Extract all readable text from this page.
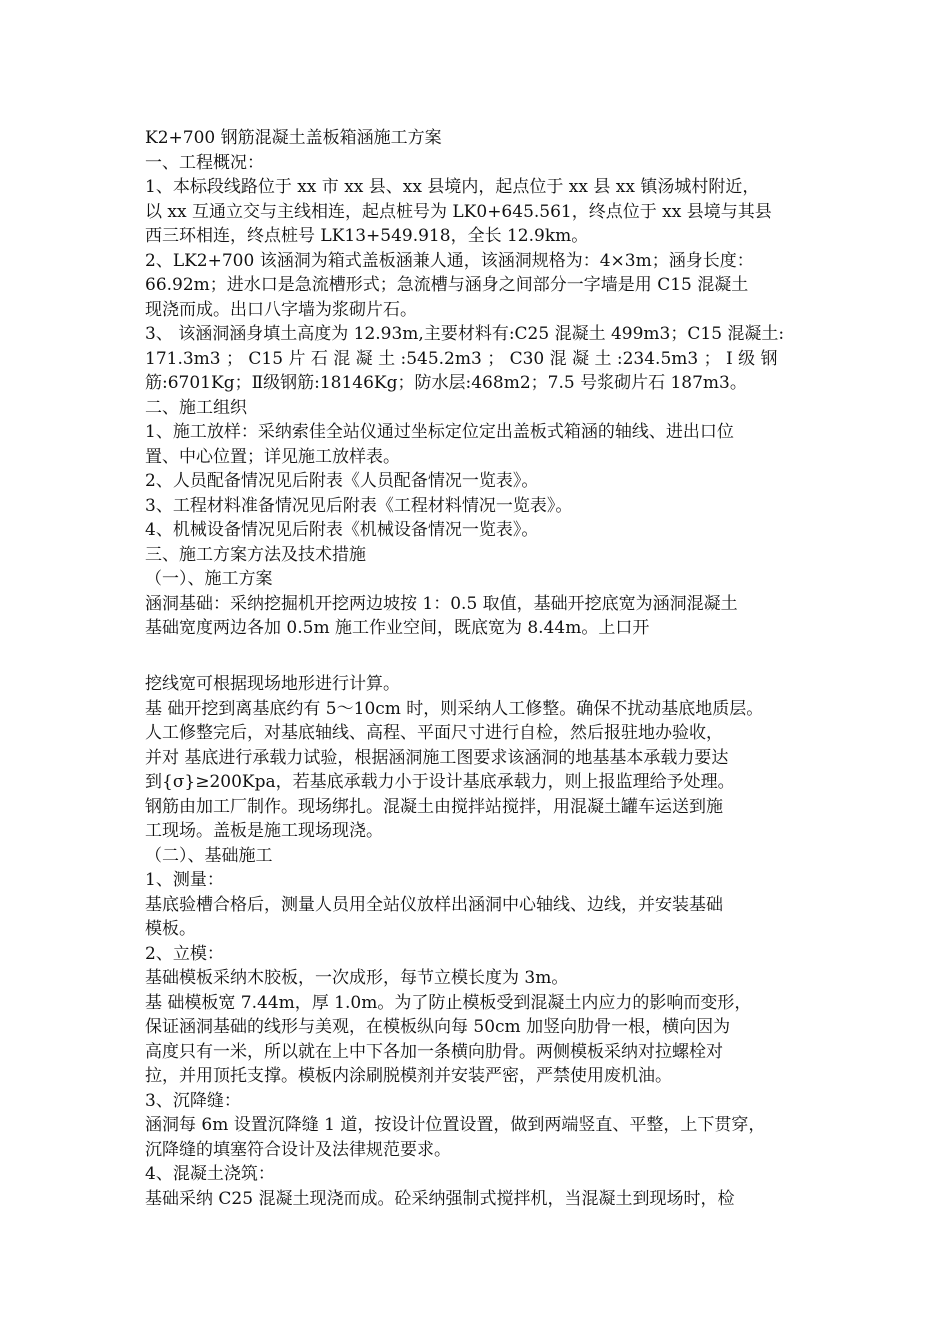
K2+700 钢筋混凝土盖板箱涵施工方案
一、工程概况：
1、本标段线路位于 xx 市 xx 县、xx 县境内，起点位于 xx 县 xx 镇汤城村附近，
以 xx 互通立交与主线相连，起点桩号为 LK0+645.561，终点位于 xx 县境与其县
西三环相连，终点桩号 LK13+549.918，全长 12.9km。
2、LK2+700 该涵洞为箱式盖板涵兼人通，该涵洞规格为：4×3m；涵身长度：
66.92m；进水口是急流槽形式；急流槽与涵身之间部分一字墙是用 C15 混凝土
现浇而成。出口八字墙为浆砌片石。
3、 该涵洞涵身填土高度为 12.93m,主要材料有:C25 混凝土 499m3；C15 混凝土:
171.3m3 ； C15 片 石 混 凝 土 :545.2m3 ； C30 混 凝 土 :234.5m3 ； Ⅰ 级 钢
筋:6701Kg；Ⅱ级钢筋:18146Kg；防水层:468m2；7.5 号浆砌片石 187m3。
二、施工组织
1、施工放样：采纳索佳全站仪通过坐标定位定出盖板式箱涵的轴线、进出口位
置、中心位置；详见施工放样表。
2、人员配备情况见后附表《人员配备情况一览表》。
3、工程材料准备情况见后附表《工程材料情况一览表》。
4、机械设备情况见后附表《机械设备情况一览表》。
三、施工方案方法及技术措施
（一）、施工方案
涵洞基础：采纳挖掘机开挖两边坡按 1：0.5 取值，基础开挖底宽为涵洞混凝土
基础宽度两边各加 0.5m 施工作业空间，既底宽为 8.44m。上口开
挖线宽可根据现场地形进行计算。
基 础开挖到离基底约有 5～10cm 时，则采纳人工修整。确保不扰动基底地质层。
人工修整完后，对基底轴线、高程、平面尺寸进行自检，然后报驻地办验收，
并对 基底进行承载力试验，根据涵洞施工图要求该涵洞的地基基本承载力要达
到{σ}≥200Kpa，若基底承载力小于设计基底承载力，则上报监理给予处理。
钢筋由加工厂制作。现场绑扎。混凝土由搅拌站搅拌，用混凝土罐车运送到施
工现场。盖板是施工现场现浇。
（二）、基础施工
1、测量：
基底验槽合格后，测量人员用全站仪放样出涵洞中心轴线、边线，并安装基础
模板。
2、立模：
基础模板采纳木胶板，一次成形，每节立模长度为 3m。
基 础模板宽 7.44m，厚 1.0m。为了防止模板受到混凝土内应力的影响而变形，
保证涵洞基础的线形与美观，在模板纵向每 50cm 加竖向肋骨一根，横向因为
高度只有一米，所以就在上中下各加一条横向肋骨。两侧模板采纳对拉螺栓对
拉，并用顶托支撑。模板内涂刷脱模剂并安装严密，严禁使用废机油。
3、沉降缝：
涵洞每 6m 设置沉降缝 1 道，按设计位置设置，做到两端竖直、平整，上下贯穿，
沉降缝的填塞符合设计及法律规范要求。
4、混凝土浇筑：
基础采纳 C25 混凝土现浇而成。砼采纳强制式搅拌机，当混凝土到现场时，检
